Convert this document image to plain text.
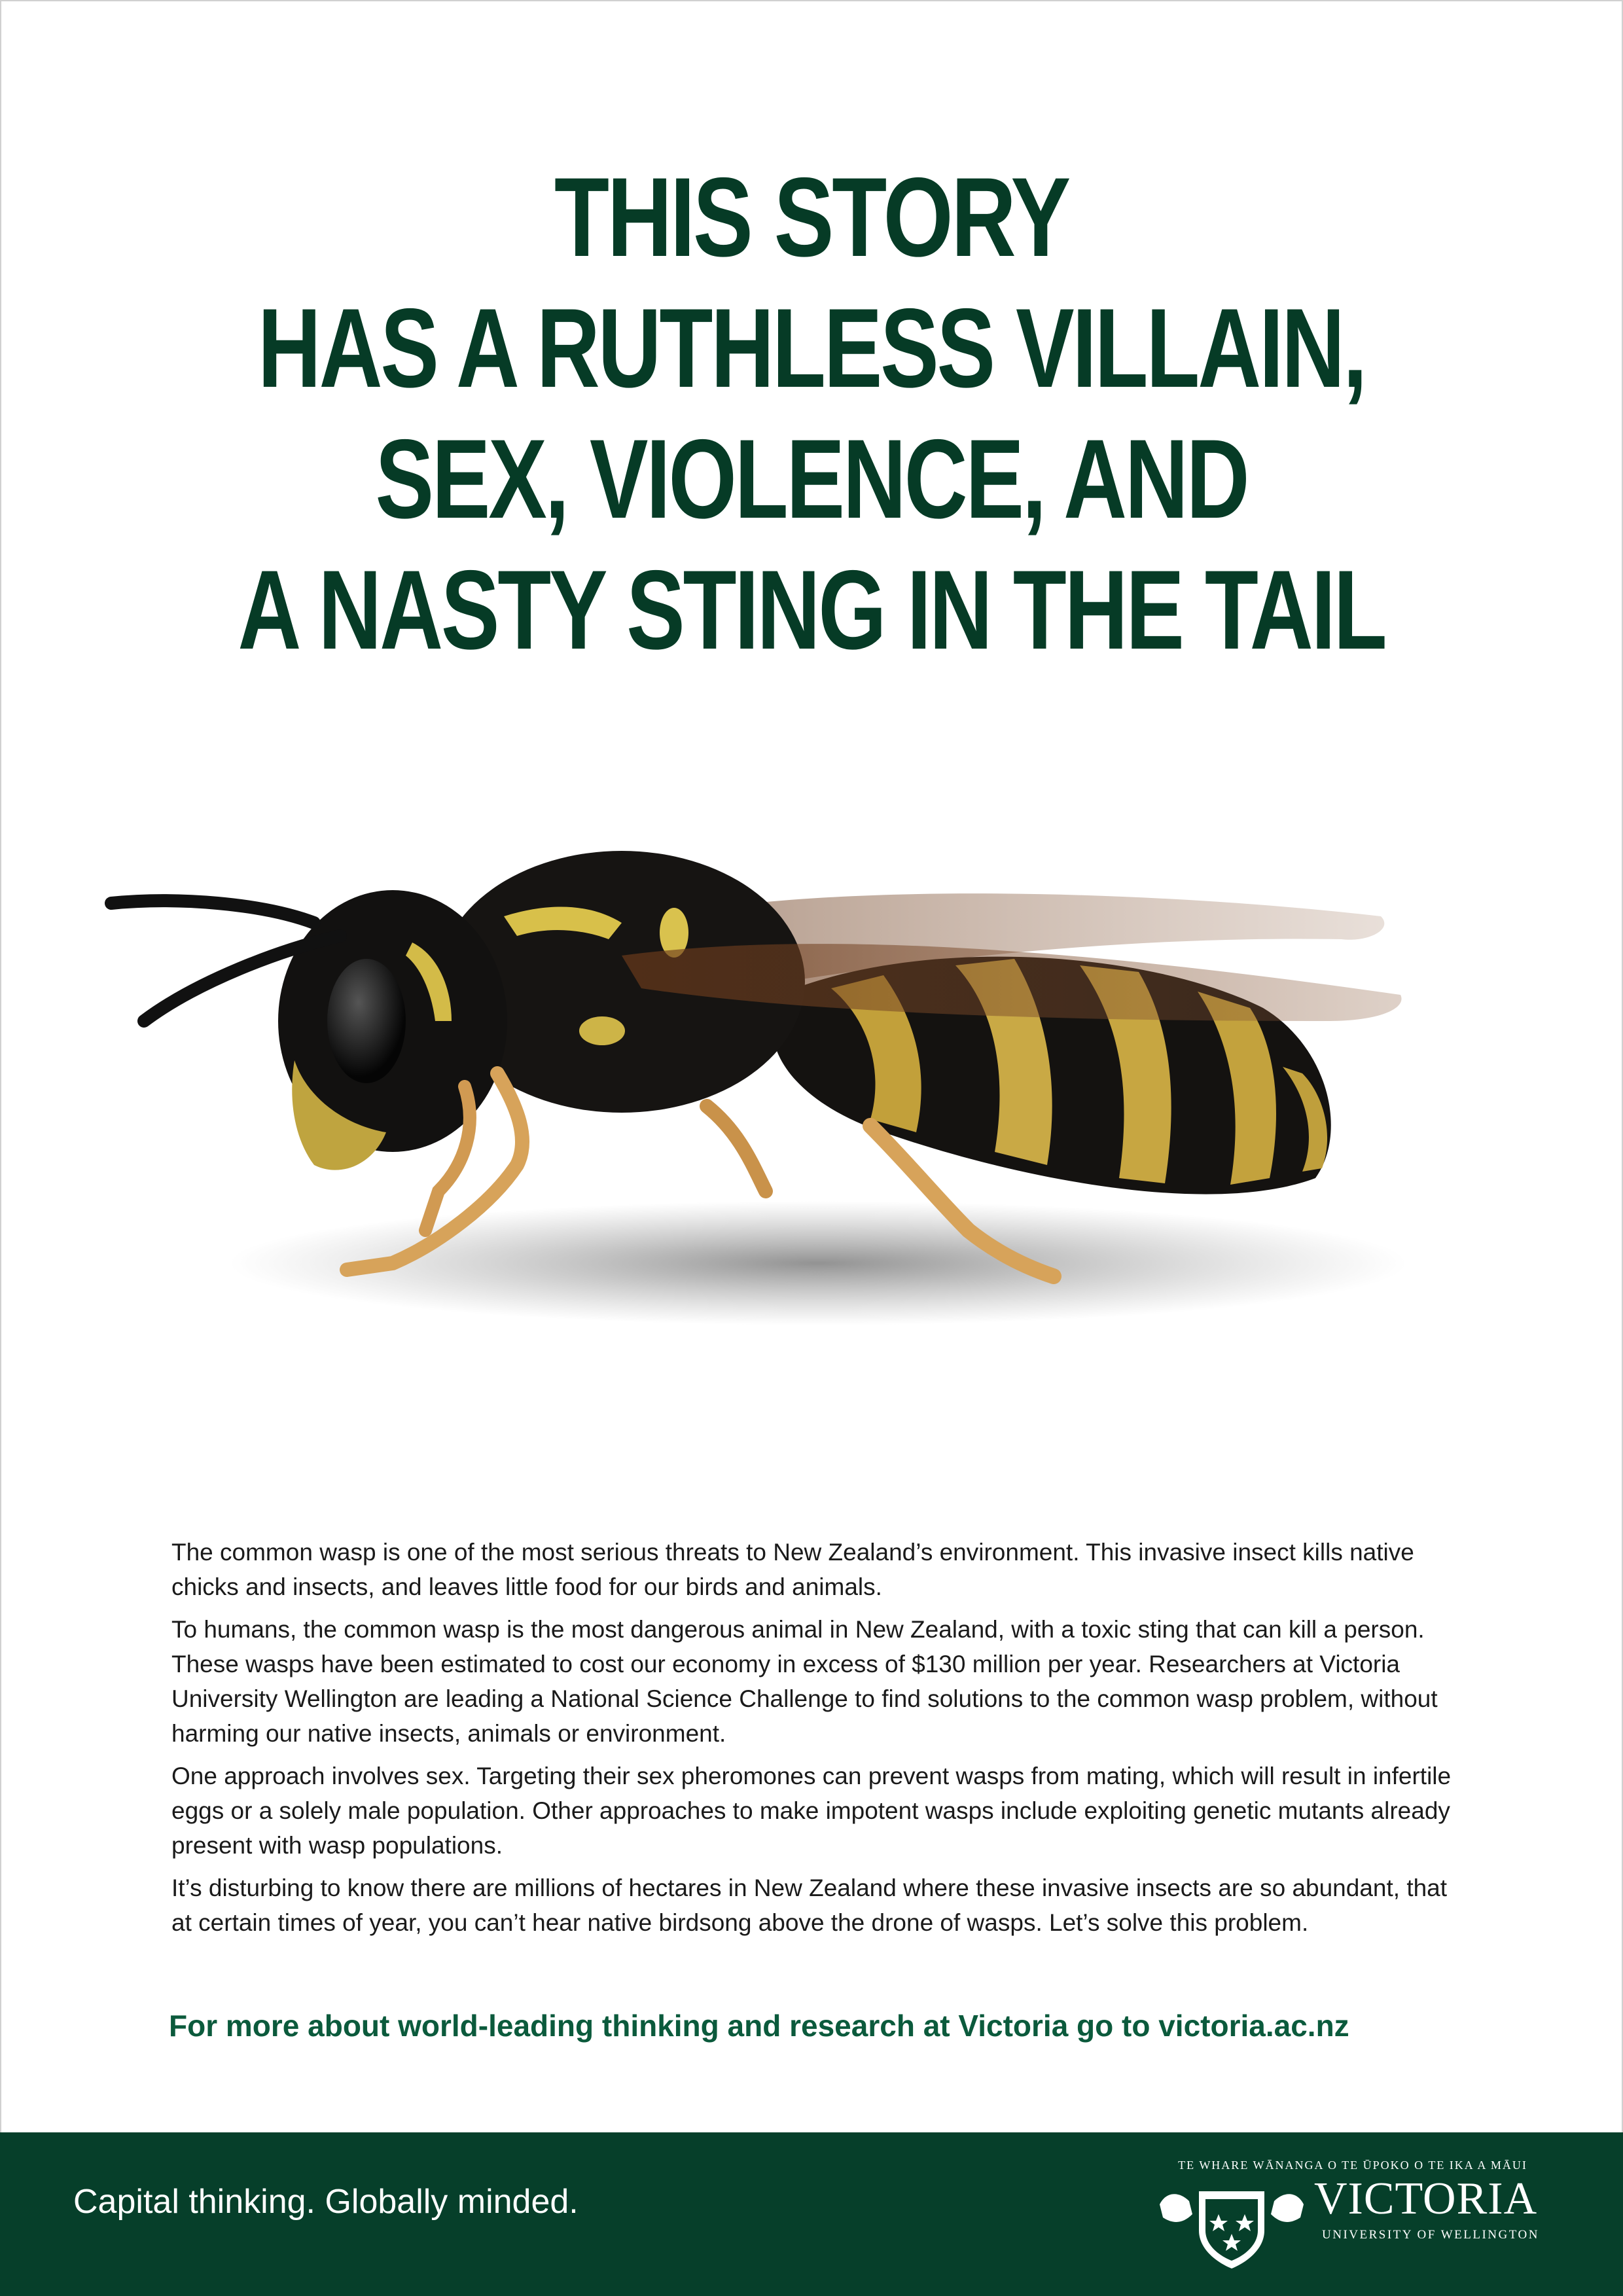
THIS STORY
HAS A RUTHLESS VILLAIN,
SEX, VIOLENCE, AND
A NASTY STING IN THE TAIL

The common wasp is one of the most serious threats to New Zealand’s environment. This invasive insect kills native chicks and insects, and leaves little food for our birds and animals.

To humans, the common wasp is the most dangerous animal in New Zealand, with a toxic sting that can kill a person. These wasps have been estimated to cost our economy in excess of $130 million per year. Researchers at Victoria University Wellington are leading a National Science Challenge to find solutions to the common wasp problem, without harming our native insects, animals or environment.

One approach involves sex. Targeting their sex pheromones can prevent wasps from mating, which will result in infertile eggs or a solely male population. Other approaches to make impotent wasps include exploiting genetic mutants already present with wasp populations.

It’s disturbing to know there are millions of hectares in New Zealand where these invasive insects are so abundant, that at certain times of year, you can’t hear native birdsong above the drone of wasps. Let’s solve this problem.

For more about world-leading thinking and research at Victoria go to victoria.ac.nz
Capital thinking. Globally minded.
TE WHARE WĀNANGA O TE ŪPOKO O TE IKA A MĀUI
VICTORIA
UNIVERSITY OF WELLINGTON
